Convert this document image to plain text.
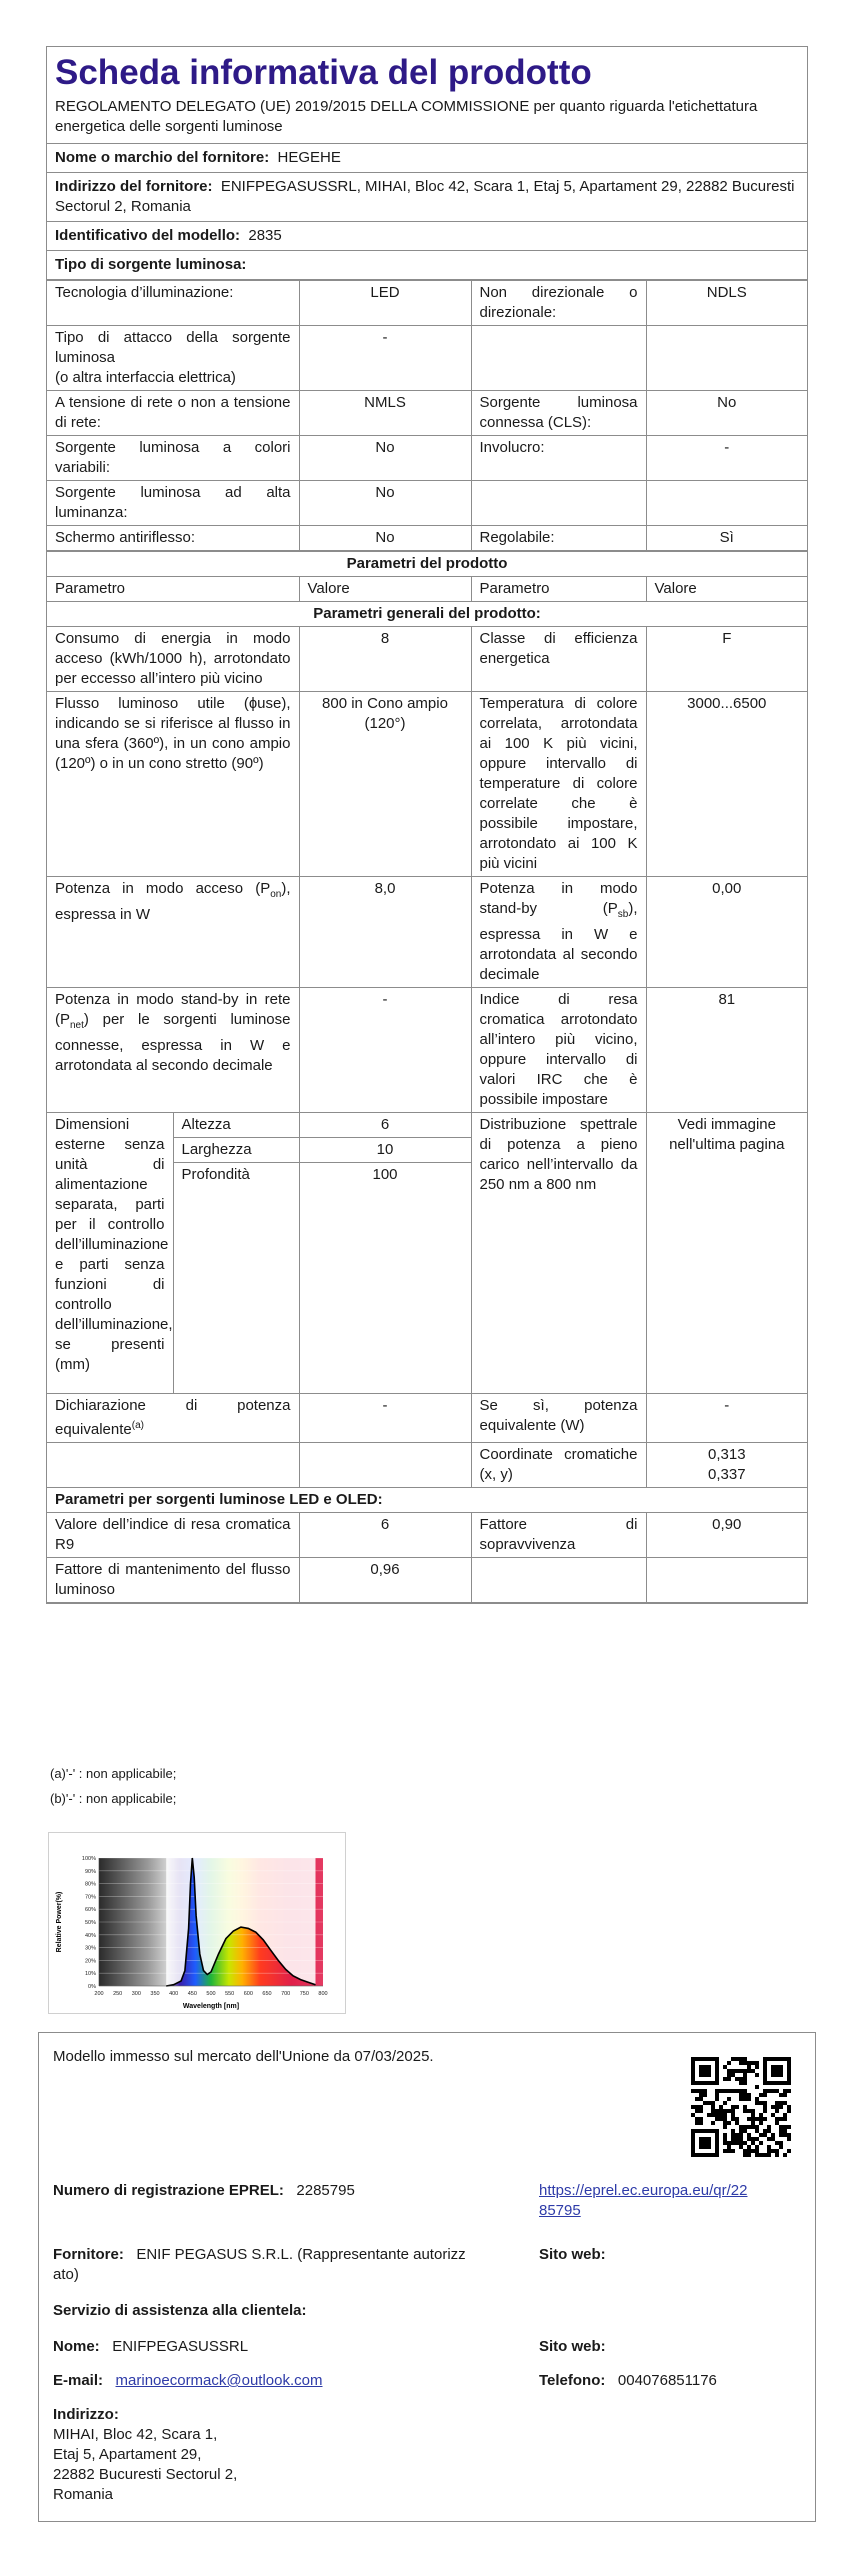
Scheda informativa del prodotto
REGOLAMENTO DELEGATO (UE) 2019/2015 DELLA COMMISSIONE per quanto riguarda l'etichettatura energetica delle sorgenti luminose
Nome o marchio del fornitore: HEGEHE
Indirizzo del fornitore: ENIFPEGASUSSRL, MIHAI, Bloc 42, Scara 1, Etaj 5, Apartament 29, 22882 Bucuresti Sectorul 2, Romania
Identificativo del modello: 2835
Tipo di sorgente luminosa:
Tecnologia d’illuminazione:	LED	Non direzionale o direzionale:	NDLS

Tipo di attacco della sorgente luminosa
(o altra interfaccia elettrica)	-		
A tensione di rete o non a tensione di rete:	NMLS	Sorgente luminosa connessa (CLS):	No
Sorgente luminosa a colori variabili:	No	Involucro:	-
Sorgente luminosa ad alta luminanza:	No		
Schermo antiriflesso:	No	Regolabile:	Sì
Parametri del prodotto				
Parametro		Valore	Parametro	Valore
Parametri generali del prodotto:				
Consumo di energia in modo acceso (kWh/1000 h), arrotondato per eccesso all’intero più vicino		8	Classe di efficienza energetica	F
Flusso luminoso utile (ɸuse), indicando se si riferisce al flusso in una sfera (360º), in un cono ampio (120º) o in un cono stretto (90º)		800 in Cono ampio (120°)	Temperatura di colore correlata, arrotondata ai 100 K più vicini, oppure intervallo di temperature di colore correlate che è possibile impostare, arrotondato ai 100 K più vicini	3000...6500
Potenza in modo acceso $(P_{on})$, espressa in W		8,0	Potenza in modo stand-by $(P_{sb})$, espressa in W e arrotondata al secondo decimale	0,00
Potenza in modo stand-by in rete $(P_{net})$ per le sorgenti luminose connesse, espressa in W e arrotondata al secondo decimale		-	Indice di resa cromatica arrotondato all’intero più vicino, oppure intervallo di valori IRC che è possibile impostare	81
Dimensioni esterne senza unità di alimentazione separata, parti per il controllo dell’illuminazione e parti senza funzioni di controllo dell’illuminazione, se presenti (mm)	Altezza	6	Distribuzione spettrale di potenza a pieno carico nell’intervallo da 250 nm a 800 nm	Vedi immagine nell'ultima pagina
	Larghezza	10		
	Profondità	100		
Dichiarazione di potenza equivalente$^{(a)}$		-	Se sì, potenza equivalente (W)	-
			Coordinate cromatiche (x, y)	0,313
0,337

Parametri per sorgenti luminose LED e OLED:				
Valore dell’indice di resa cromatica R9		6	Fattore di sopravvivenza	0,90
Fattore di mantenimento del flusso luminoso		0,96		
(a)'-' : non applicabile;
(b)'-' : non applicabile;
0%
10%
20%
30%
40%
50%
60%
70%
80%
90%
100%
200 250 300 350 400 450 500 550 600 650 700 750 800
Wavelength [nm]
Relative Power(%)
Modello immesso sul mercato dell'Unione da 07/03/2025.
Numero di registrazione EPREL: 2285795	https://eprel.ec.europa.eu/qr/22
85795
Fornitore: ENIF PEGASUS S.R.L. (Rappresentante autorizz
ato)
Sito web:
Servizio di assistenza alla clientela:
Nome: ENIFPEGASUSSRL	Sito web:
E-mail: marinoecormack@outlook.com	Telefono: 004076851176
Indirizzo:
MIHAI, Bloc 42, Scara 1,
Etaj 5, Apartament 29,
22882 Bucuresti Sectorul 2,
Romania
